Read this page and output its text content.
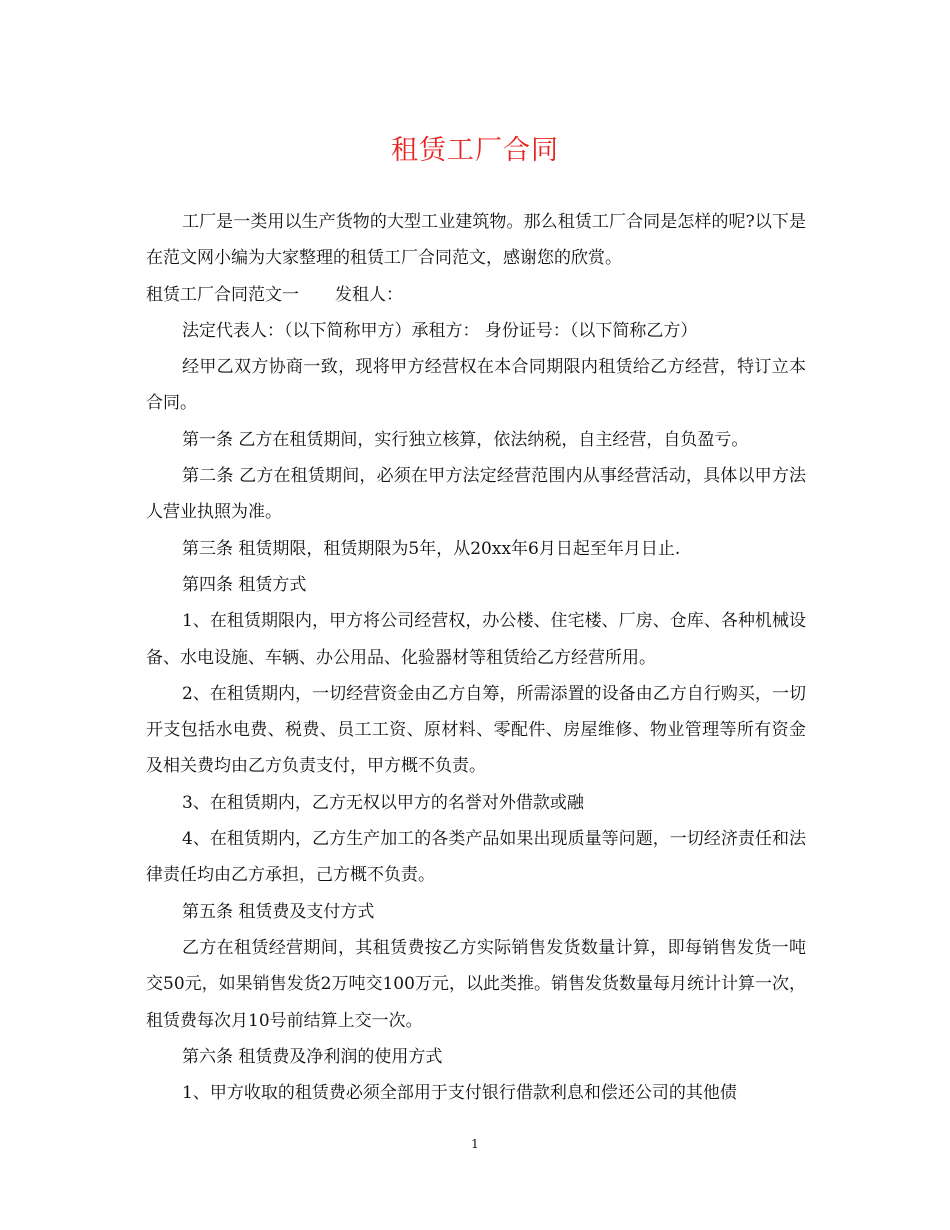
租赁工厂合同

工厂是一类用以生产货物的大型工业建筑物。那么租赁工厂合同是怎样的呢?以下是在范文网小编为大家整理的租赁工厂合同范文，感谢您的欣赏。

租赁工厂合同范文一 发租人：

法定代表人：（以下简称甲方）承租方： 身份证号：（以下简称乙方）

经甲乙双方协商一致，现将甲方经营权在本合同期限内租赁给乙方经营，特订立本合同。

第一条 乙方在租赁期间，实行独立核算，依法纳税，自主经营，自负盈亏。

第二条 乙方在租赁期间，必须在甲方法定经营范围内从事经营活动，具体以甲方法人营业执照为准。

第三条 租赁期限，租赁期限为5年，从20xx年6月日起至年月日止.

第四条 租赁方式

1、在租赁期限内，甲方将公司经营权，办公楼、住宅楼、厂房、仓库、各种机械设备、水电设施、车辆、办公用品、化验器材等租赁给乙方经营所用。

2、在租赁期内，一切经营资金由乙方自筹，所需添置的设备由乙方自行购买，一切开支包括水电费、税费、员工工资、原材料、零配件、房屋维修、物业管理等所有资金及相关费均由乙方负责支付，甲方概不负责。

3、在租赁期内，乙方无权以甲方的名誉对外借款或融

4、在租赁期内，乙方生产加工的各类产品如果出现质量等问题，一切经济责任和法律责任均由乙方承担，己方概不负责。

第五条 租赁费及支付方式

乙方在租赁经营期间，其租赁费按乙方实际销售发货数量计算，即每销售发货一吨交50元，如果销售发货2万吨交100万元，以此类推。销售发货数量每月统计计算一次，租赁费每次月10号前结算上交一次。

第六条 租赁费及净利润的使用方式

1、甲方收取的租赁费必须全部用于支付银行借款利息和偿还公司的其他债

1
